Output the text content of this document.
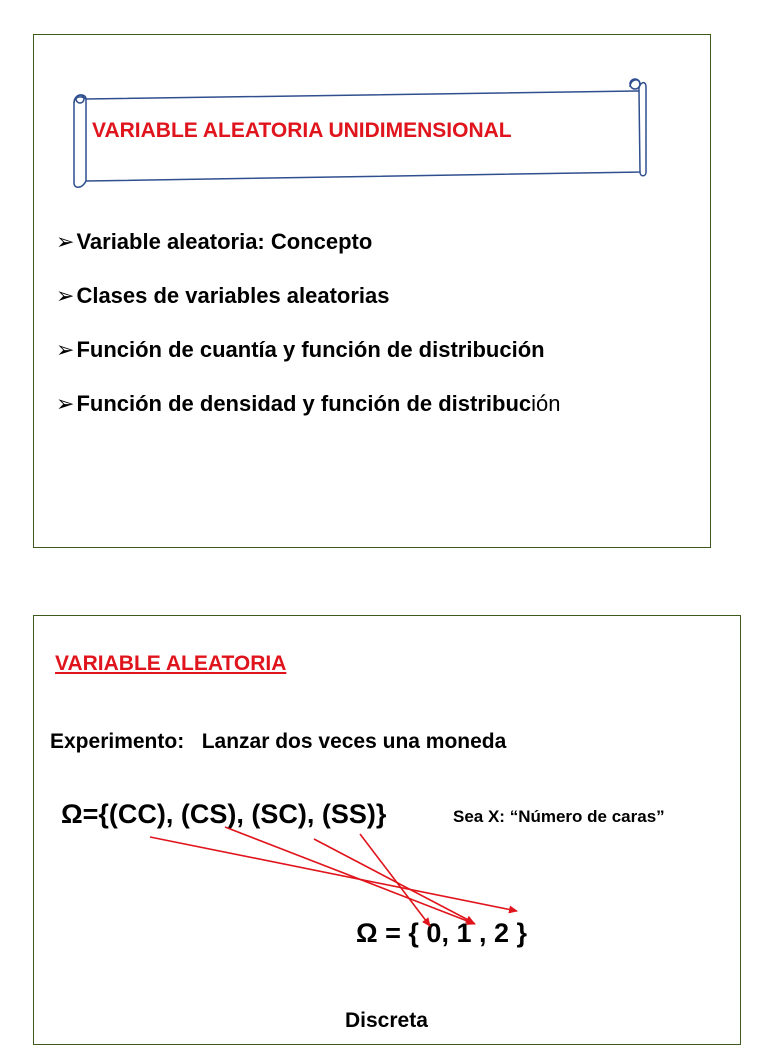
VARIABLE ALEATORIA UNIDIMENSIONAL
➢ Variable aleatoria: Concepto
➢ Clases de variables aleatorias
➢ Función de cuantía y función de distribución
➢ Función de densidad y función de distribuc ión
VARIABLE ALEATORIA
Experimento:   Lanzar dos veces una moneda
Ω={(CC), (CS), (SC), (SS)}	Sea X: “Número de caras”
Ω = { 0, 1 , 2 }
Discreta
